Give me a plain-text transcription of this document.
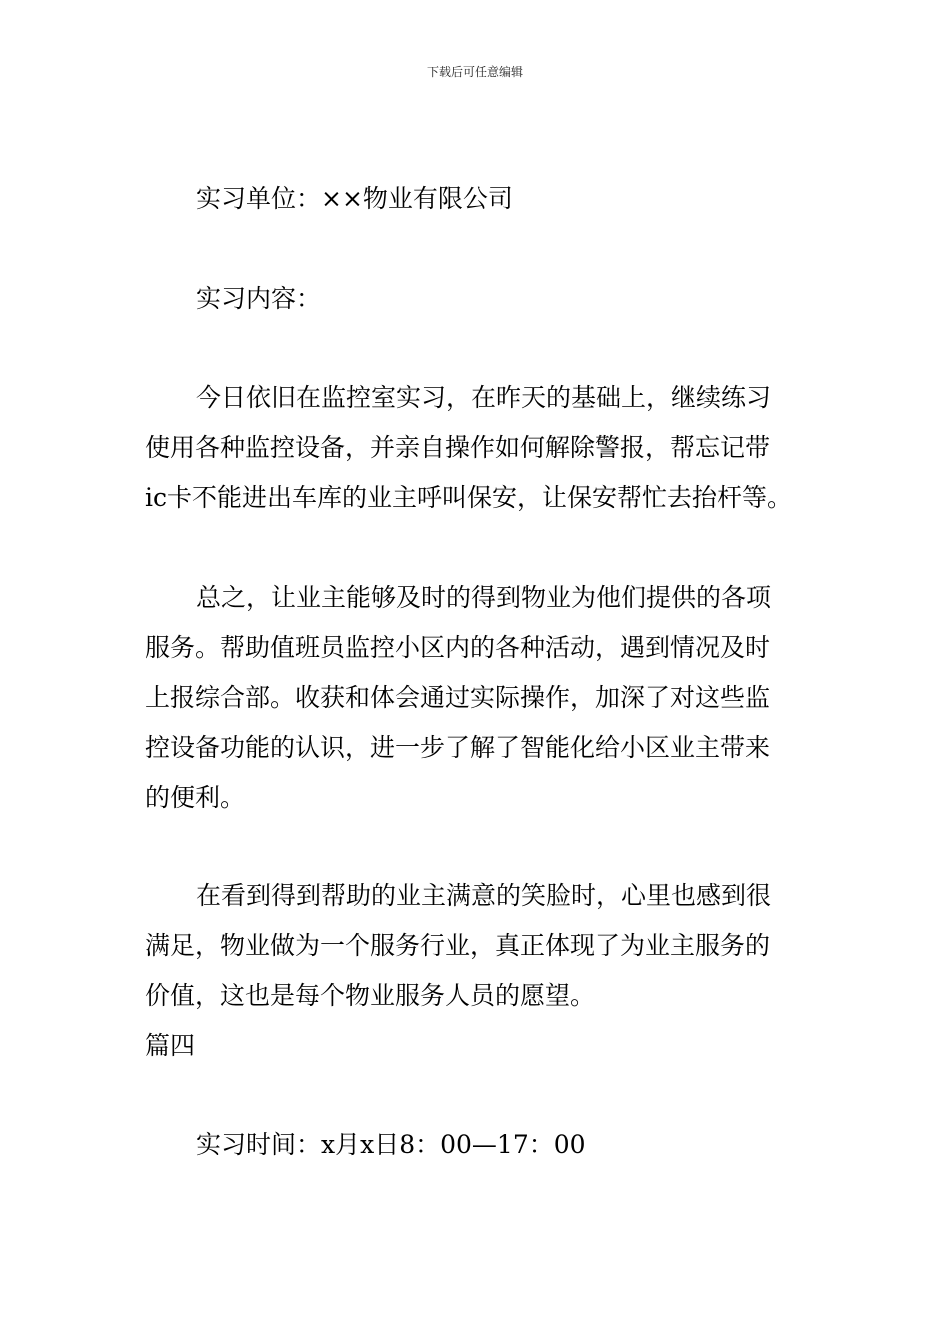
下载后可任意编辑
实习单位：××物业有限公司
实习内容：
今日依旧在监控室实习，在昨天的基础上，继续练习
使用各种监控设备，并亲自操作如何解除警报，帮忘记带
ic卡不能进出车库的业主呼叫保安，让保安帮忙去抬杆等。
总之，让业主能够及时的得到物业为他们提供的各项
服务。帮助值班员监控小区内的各种活动，遇到情况及时
上报综合部。收获和体会通过实际操作，加深了对这些监
控设备功能的认识，进一步了解了智能化给小区业主带来
的便利。
在看到得到帮助的业主满意的笑脸时，心里也感到很
满足，物业做为一个服务行业，真正体现了为业主服务的
价值，这也是每个物业服务人员的愿望。
篇四
实习时间：x月x日8：00—17：00
